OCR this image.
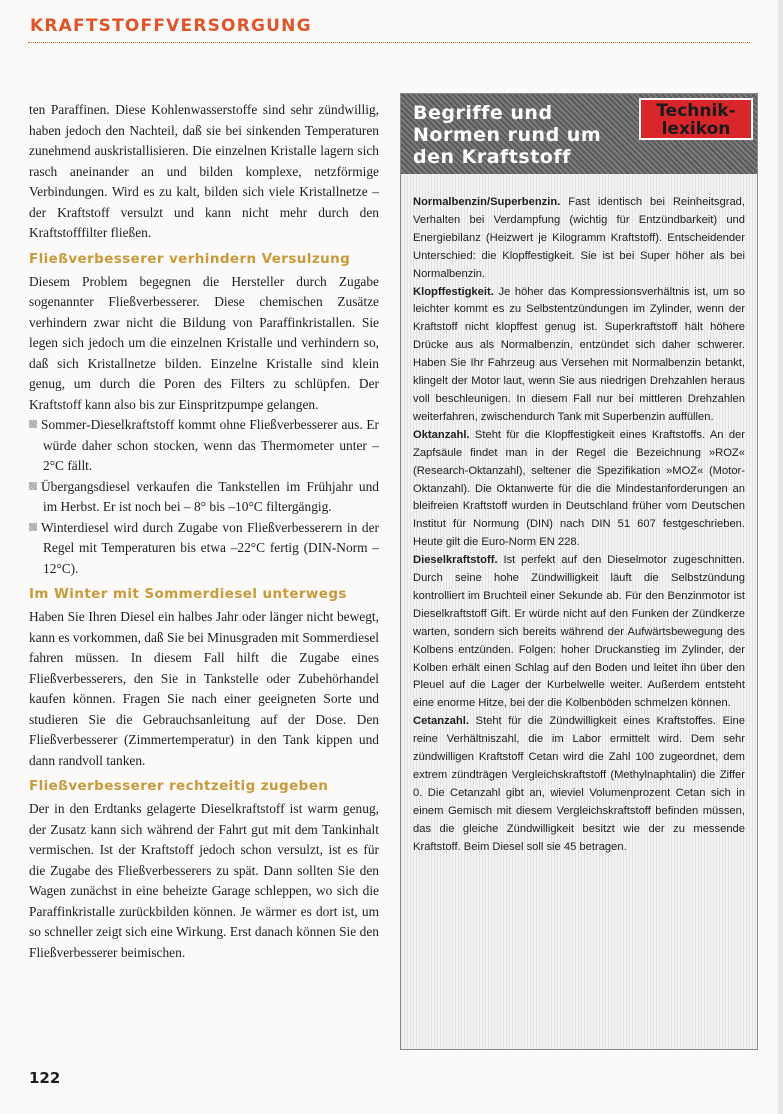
KRAFTSTOFFVERSORGUNG

ten Paraffinen. Diese Kohlenwasserstoffe sind sehr zündwillig, haben jedoch den Nachteil, daß sie bei sinkenden Temperaturen zunehmend auskristallisieren. Die einzelnen Kristalle lagern sich rasch aneinander an und bilden komplexe, netzförmige Verbindungen. Wird es zu kalt, bilden sich viele Kristallnetze – der Kraftstoff versulzt und kann nicht mehr durch den Kraftstofffilter fließen.

Fließverbesserer verhindern Versulzung

Diesem Problem begegnen die Hersteller durch Zugabe sogenannter Fließverbesserer. Diese chemischen Zusätze verhindern zwar nicht die Bildung von Paraffinkristallen. Sie legen sich jedoch um die einzelnen Kristalle und verhindern so, daß sich Kristallnetze bilden. Einzelne Kristalle sind klein genug, um durch die Poren des Filters zu schlüpfen. Der Kraftstoff kann also bis zur Einspritzpumpe gelangen.

Sommer-Dieselkraftstoff kommt ohne Fließverbesserer aus. Er würde daher schon stocken, wenn das Thermometer unter –2°C fällt.

Übergangsdiesel verkaufen die Tankstellen im Frühjahr und im Herbst. Er ist noch bei – 8° bis –10°C filtergängig.

Winterdiesel wird durch Zugabe von Fließverbesserern in der Regel mit Temperaturen bis etwa –22°C fertig (DIN-Norm –12°C).

Im Winter mit Sommerdiesel unterwegs

Haben Sie Ihren Diesel ein halbes Jahr oder länger nicht bewegt, kann es vorkommen, daß Sie bei Minusgraden mit Sommerdiesel fahren müssen. In diesem Fall hilft die Zugabe eines Fließverbesserers, den Sie in Tankstelle oder Zubehörhandel kaufen können. Fragen Sie nach einer geeigneten Sorte und studieren Sie die Gebrauchsanleitung auf der Dose. Den Fließverbesserer (Zimmertemperatur) in den Tank kippen und dann randvoll tanken.

Fließverbesserer rechtzeitig zugeben

Der in den Erdtanks gelagerte Dieselkraftstoff ist warm genug, der Zusatz kann sich während der Fahrt gut mit dem Tankinhalt vermischen. Ist der Kraftstoff jedoch schon versulzt, ist es für die Zugabe des Fließverbesserers zu spät. Dann sollten Sie den Wagen zunächst in eine beheizte Garage schleppen, wo sich die Paraffinkristalle zurückbilden können. Je wärmer es dort ist, um so schneller zeigt sich eine Wirkung. Erst danach können Sie den Fließverbesserer beimischen.

122
Begriffe und Normen rund um den Kraftstoff
Technik-lexikon

Normalbenzin/Superbenzin. Fast identisch bei Reinheitsgrad, Verhalten bei Verdampfung (wichtig für Entzündbarkeit) und Energiebilanz (Heizwert je Kilogramm Kraftstoff). Entscheidender Unterschied: die Klopffestigkeit. Sie ist bei Super höher als bei Normalbenzin.

Klopffestigkeit. Je höher das Kompressionsverhältnis ist, um so leichter kommt es zu Selbstentzündungen im Zylinder, wenn der Kraftstoff nicht klopffest genug ist. Superkraftstoff hält höhere Drücke aus als Normalbenzin, entzündet sich daher schwerer. Haben Sie Ihr Fahrzeug aus Versehen mit Normalbenzin betankt, klingelt der Motor laut, wenn Sie aus niedrigen Drehzahlen heraus voll beschleunigen. In diesem Fall nur bei mittleren Drehzahlen weiterfahren, zwischendurch Tank mit Superbenzin auffüllen.

Oktanzahl. Steht für die Klopffestigkeit eines Kraftstoffs. An der Zapfsäule findet man in der Regel die Bezeichnung »ROZ« (Research-Oktanzahl), seltener die Spezifikation »MOZ« (Motor-Oktanzahl). Die Oktanwerte für die die Mindestanforderungen an bleifreien Kraftstoff wurden in Deutschland früher vom Deutschen Institut für Normung (DIN) nach DIN 51 607 festgeschrieben. Heute gilt die Euro-Norm EN 228.

Dieselkraftstoff. Ist perfekt auf den Dieselmotor zugeschnitten. Durch seine hohe Zündwilligkeit läuft die Selbstzündung kontrolliert im Bruchteil einer Sekunde ab. Für den Benzinmotor ist Dieselkraftstoff Gift. Er würde nicht auf den Funken der Zündkerze warten, sondern sich bereits während der Aufwärtsbewegung des Kolbens entzünden. Folgen: hoher Druckanstieg im Zylinder, der Kolben erhält einen Schlag auf den Boden und leitet ihn über den Pleuel auf die Lager der Kurbelwelle weiter. Außerdem entsteht eine enorme Hitze, bei der die Kolbenböden schmelzen können.

Cetanzahl. Steht für die Zündwilligkeit eines Kraftstoffes. Eine reine Verhältniszahl, die im Labor ermittelt wird. Dem sehr zündwilligen Kraftstoff Cetan wird die Zahl 100 zugeordnet, dem extrem zündträgen Vergleichskraftstoff (Methylnaphtalin) die Ziffer 0. Die Cetanzahl gibt an, wieviel Volumenprozent Cetan sich in einem Gemisch mit diesem Vergleichskraftstoff befinden müssen, das die gleiche Zündwilligkeit besitzt wie der zu messende Kraftstoff. Beim Diesel soll sie 45 betragen.
